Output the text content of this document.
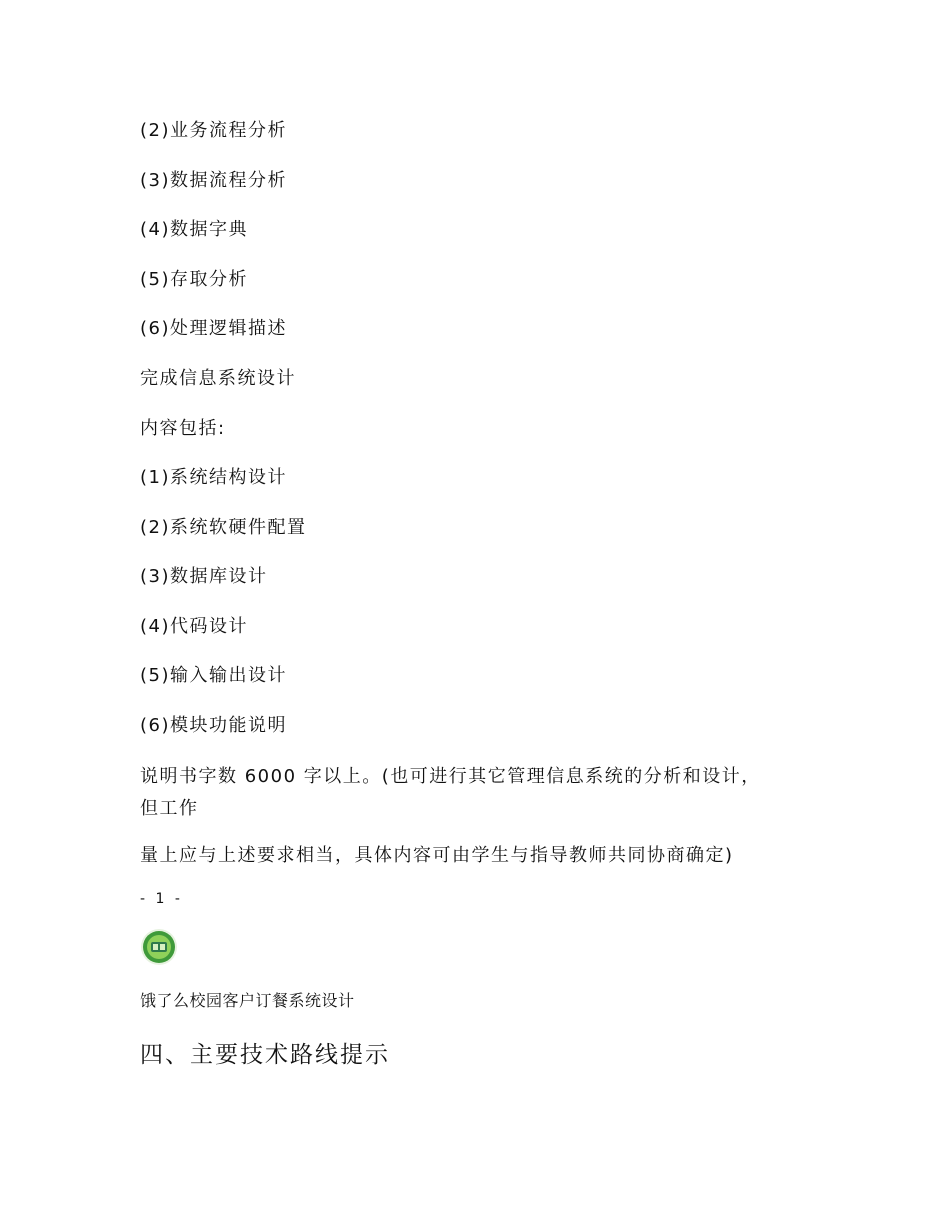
(2)业务流程分析
(3)数据流程分析
(4)数据字典
(5)存取分析
(6)处理逻辑描述
完成信息系统设计
内容包括:
(1)系统结构设计
(2)系统软硬件配置
(3)数据库设计
(4)代码设计
(5)输入输出设计
(6)模块功能说明
说明书字数 6000 字以上。(也可进行其它管理信息系统的分析和设计，
但工作
量上应与上述要求相当，具体内容可由学生与指导教师共同协商确定)
- 1 -
饿了么校园客户订餐系统设计
四、主要技术路线提示
